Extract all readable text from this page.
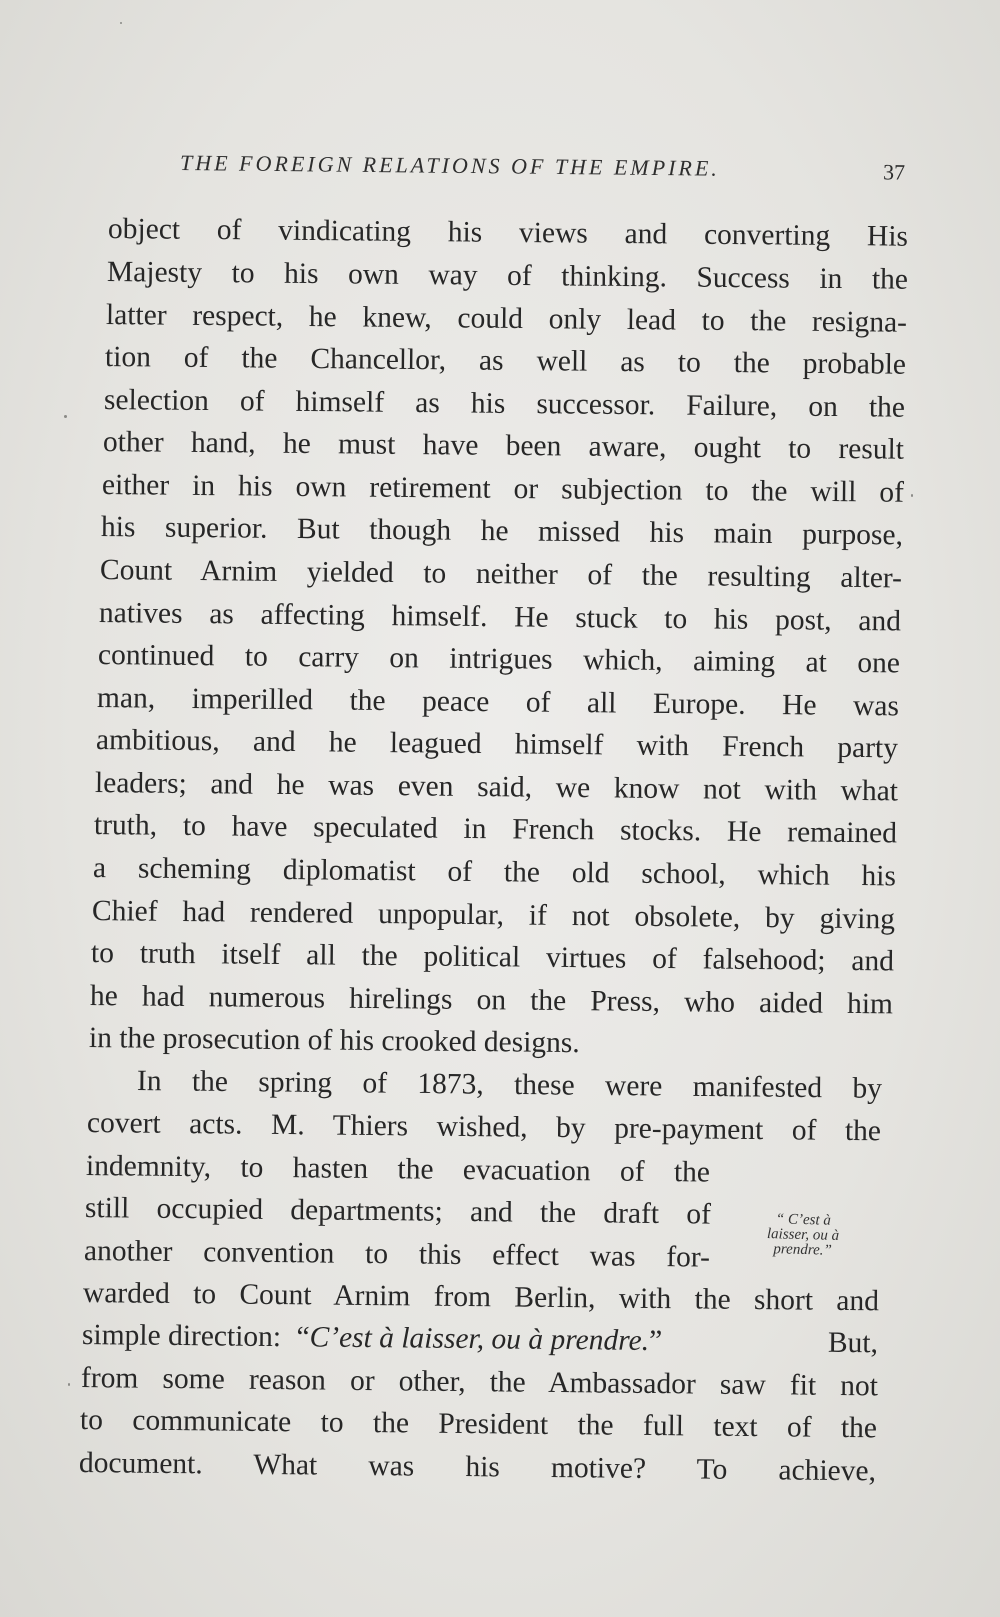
THE FOREIGN RELATIONS OF THE EMPIRE.	37
object of vindicating his views and converting His
Majesty to his own way of thinking. Success in the
latter respect, he knew, could only lead to the resigna-
tion of the Chancellor, as well as to the probable
selection of himself as his successor. Failure, on the
other hand, he must have been aware, ought to result
either in his own retirement or subjection to the will of
his superior. But though he missed his main purpose,
Count Arnim yielded to neither of the resulting alter-
natives as affecting himself. He stuck to his post, and
continued to carry on intrigues which, aiming at one
man, imperilled the peace of all Europe. He was
ambitious, and he leagued himself with French party
leaders; and he was even said, we know not with what
truth, to have speculated in French stocks. He remained
a scheming diplomatist of the old school, which his
Chief had rendered unpopular, if not obsolete, by giving
to truth itself all the political virtues of falsehood; and
he had numerous hirelings on the Press, who aided him
in the prosecution of his crooked designs.
In the spring of 1873, these were manifested by
covert acts. M. Thiers wished, by pre-payment of the
indemnity, to hasten the evacuation of the
still occupied departments; and the draft of
another convention to this effect was for-
warded to Count Arnim from Berlin, with the short and
simple direction: “C’est à laisser, ou à prendre.”	But,
from some reason or other, the Ambassador saw fit not
to communicate to the President the full text of the
document. What was his motive? To achieve,
“ C’est à
laisser, ou à
prendre.”
